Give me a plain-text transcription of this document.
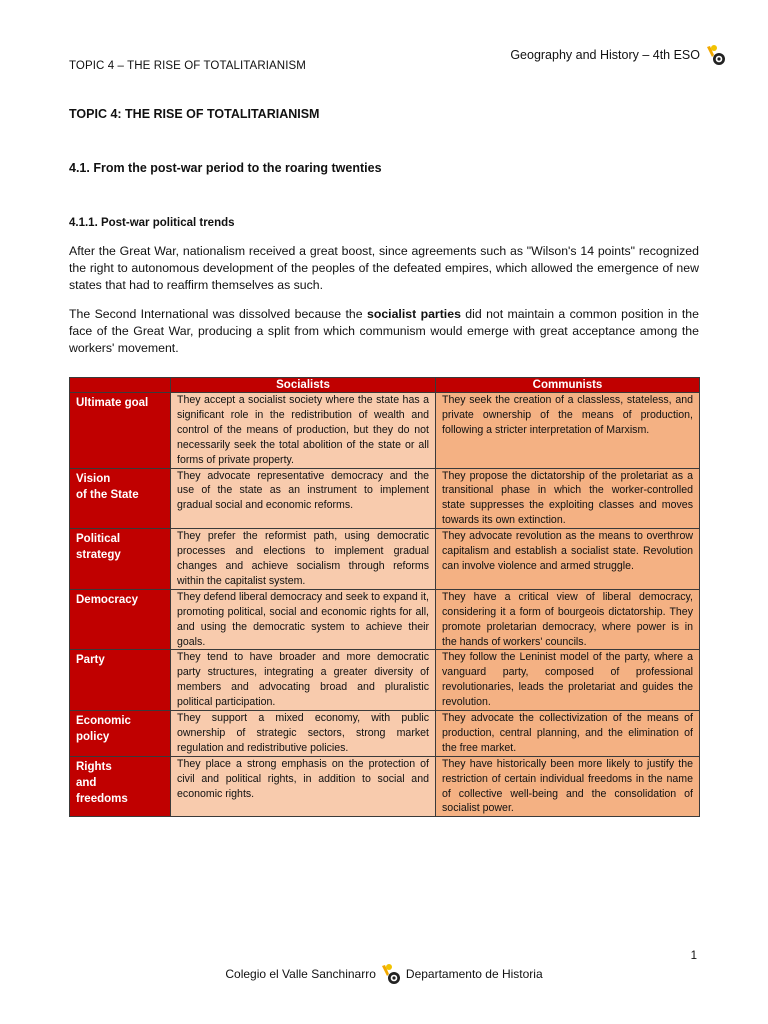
Geography and History – 4th ESO
TOPIC 4 – THE RISE OF TOTALITARIANISM
TOPIC 4: THE RISE OF TOTALITARIANISM
4.1. From the post-war period to the roaring twenties
4.1.1. Post-war political trends

After the Great War, nationalism received a great boost, since agreements such as "Wilson's 14 points" recognized the right to autonomous development of the peoples of the defeated empires, which allowed the emergence of new states that had to reaffirm themselves as such.

The Second International was dissolved because the socialist parties did not maintain a common position in the face of the Great War, producing a split from which communism would emerge with great acceptance among the workers' movement.

	Socialists	Communists
Ultimate goal	They accept a socialist society where the state has a significant role in the redistribution of wealth and control of the means of production, but they do not necessarily seek the total abolition of the state or all forms of private property.	They seek the creation of a classless, stateless, and private ownership of the means of production, following a stricter interpretation of Marxism.
Vision
of the State	They advocate representative democracy and the use of the state as an instrument to implement gradual social and economic reforms.	They propose the dictatorship of the proletariat as a transitional phase in which the worker-controlled state suppresses the exploiting classes and moves towards its own extinction.
Political
strategy	They prefer the reformist path, using democratic processes and elections to implement gradual changes and achieve socialism through reforms within the capitalist system.	They advocate revolution as the means to overthrow capitalism and establish a socialist state. Revolution can involve violence and armed struggle.
Democracy	They defend liberal democracy and seek to expand it, promoting political, social and economic rights for all, and using the democratic system to achieve their goals.	They have a critical view of liberal democracy, considering it a form of bourgeois dictatorship. They promote proletarian democracy, where power is in the hands of workers' councils.
Party	They tend to have broader and more democratic party structures, integrating a greater diversity of members and advocating broad and pluralistic political participation.	They follow the Leninist model of the party, where a vanguard party, composed of professional revolutionaries, leads the proletariat and guides the revolution.
Economic
policy	They support a mixed economy, with public ownership of strategic sectors, strong market regulation and redistributive policies.	They advocate the collectivization of the means of production, central planning, and the elimination of the free market.
Rights
and
freedoms	They place a strong emphasis on the protection of civil and political rights, in addition to social and economic rights.	They have historically been more likely to justify the restriction of certain individual freedoms in the name of collective well-being and the consolidation of socialist power.
1
Colegio el Valle Sanchinarro	Departamento de Historia
